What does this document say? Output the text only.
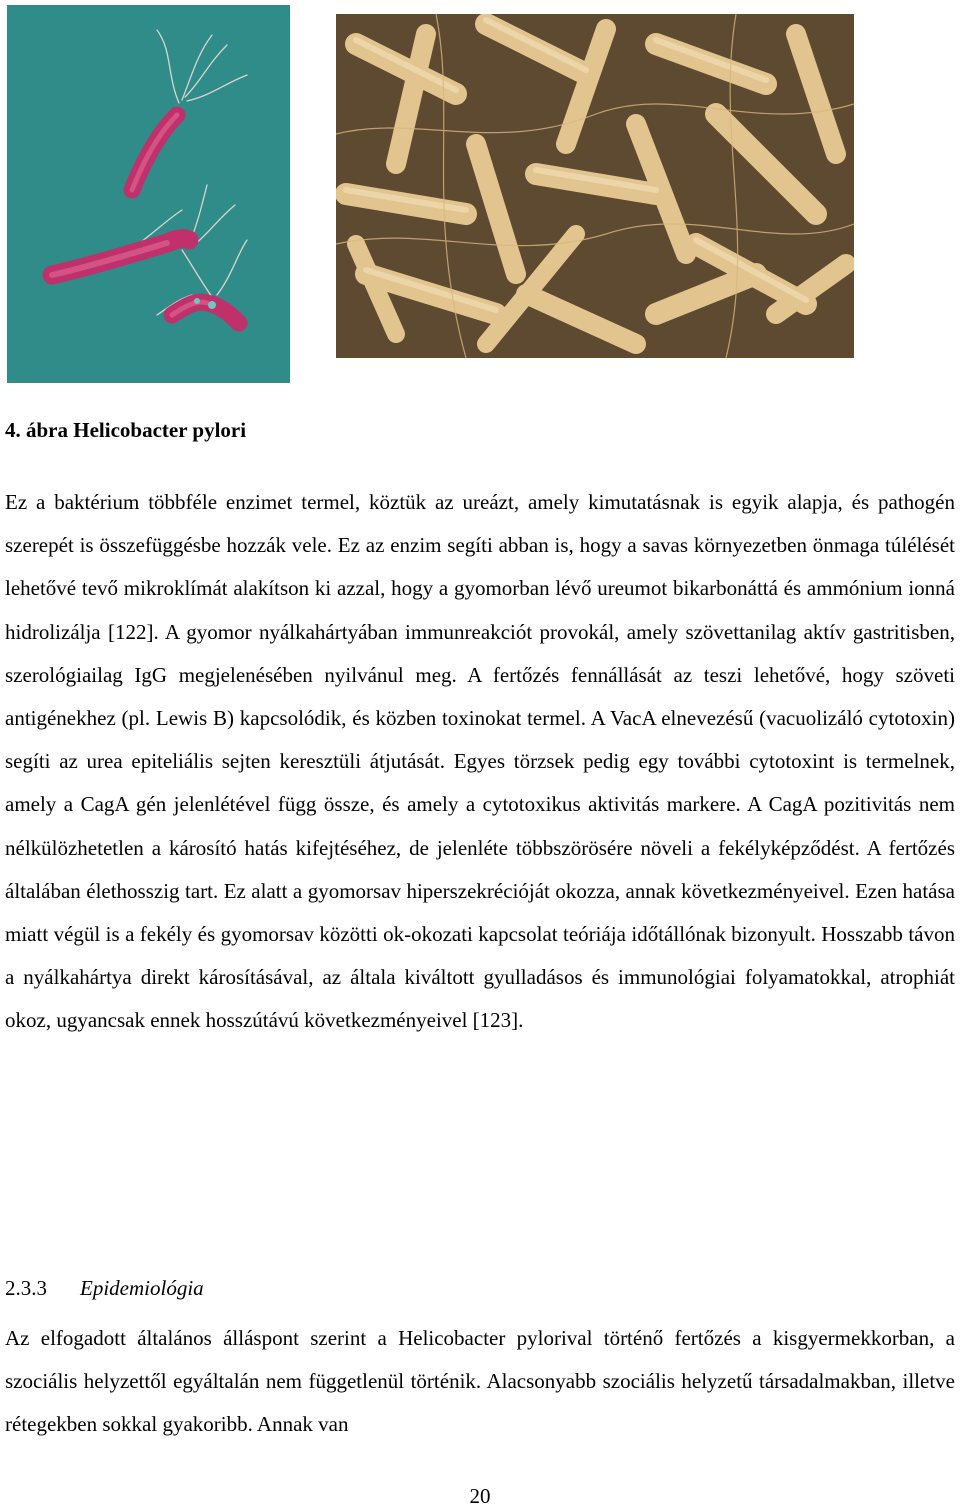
4. ábra Helicobacter pylori

Ez a baktérium többféle enzimet termel, köztük az ureázt, amely kimutatásnak is egyik alapja, és pathogén szerepét is összefüggésbe hozzák vele. Ez az enzim segíti abban is, hogy a savas környezetben önmaga túlélését lehetővé tevő mikroklímát alakítson ki azzal, hogy a gyomorban lévő ureumot bikarbonáttá és ammónium ionná hidrolizálja [122]. A gyomor nyálkahártyában immunreakciót provokál, amely szövettanilag aktív gastritisben, szerológiailag IgG megjelenésében nyilvánul meg. A fertőzés fennállását az teszi lehetővé, hogy szöveti antigénekhez (pl. Lewis B) kapcsolódik, és közben toxinokat termel. A VacA elnevezésű (vacuolizáló cytotoxin) segíti az urea epiteliális sejten keresztüli átjutását. Egyes törzsek pedig egy további cytotoxint is termelnek, amely a CagA gén jelenlétével függ össze, és amely a cytotoxikus aktivitás markere. A CagA pozitivitás nem nélkülözhetetlen a károsító hatás kifejtéséhez, de jelenléte többszörösére növeli a fekélyképződést. A fertőzés általában élethosszig tart. Ez alatt a gyomorsav hiperszekrécióját okozza, annak következményeivel. Ezen hatása miatt végül is a fekély és gyomorsav közötti ok-okozati kapcsolat teóriája időtállónak bizonyult. Hosszabb távon a nyálkahártya direkt károsításával, az általa kiváltott gyulladásos és immunológiai folyamatokkal, atrophiát okoz, ugyancsak ennek hosszútávú következményeivel [123].

2.3.3 Epidemiológia

Az elfogadott általános álláspont szerint a Helicobacter pylorival történő fertőzés a kisgyermekkorban, a szociális helyzettől egyáltalán nem függetlenül történik. Alacsonyabb szociális helyzetű társadalmakban, illetve rétegekben sokkal gyakoribb. Annak van

20
